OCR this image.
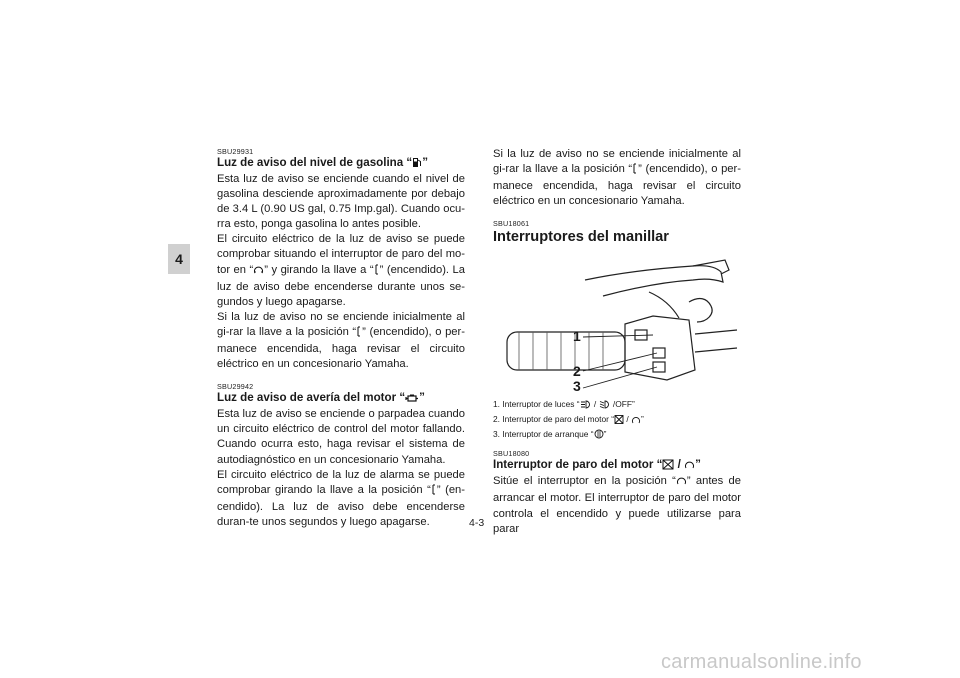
4
SBU29931
Luz de aviso del nivel de gasolina “ ”

Esta luz de aviso se enciende cuando el nivel de gasolina desciende aproximadamente por debajo de 3.4 L (0.90 US gal, 0.75 Imp.gal). Cuando ocu-rra esto, ponga gasolina lo antes posible.

El circuito eléctrico de la luz de aviso se puede comprobar situando el interruptor de paro del mo-tor en “ ” y girando la llave a “ ” (encendido). La luz de aviso debe encenderse durante unos se-gundos y luego apagarse.

Si la luz de aviso no se enciende inicialmente al gi-rar la llave a la posición “ ” (encendido), o per-manece encendida, haga revisar el circuito eléctrico en un concesionario Yamaha.

SBU29942
Luz de aviso de avería del motor “ ”

Esta luz de aviso se enciende o parpadea cuando un circuito eléctrico de control del motor fallando. Cuando ocurra esto, haga revisar el sistema de autodiagnóstico en un concesionario Yamaha.

El circuito eléctrico de la luz de alarma se puede comprobar girando la llave a la posición “ ” (en-cendido). La luz de aviso debe encenderse duran-te unos segundos y luego apagarse.

Si la luz de aviso no se enciende inicialmente al gi-rar la llave a la posición “ ” (encendido), o per-manece encendida, haga revisar el circuito eléctrico en un concesionario Yamaha.

SBU18061
Interruptores del manillar
1
2
3
1. Interruptor de luces “ /  /OFF”
2. Interruptor de paro del motor “ / ”
3. Interruptor de arranque “ ”
SBU18080
Interruptor de paro del motor “ / ”

Sitúe el interruptor en la posición “ ” antes de arrancar el motor. El interruptor de paro del motor controla el encendido y puede utilizarse para parar

4-3
carmanualsonline.info
